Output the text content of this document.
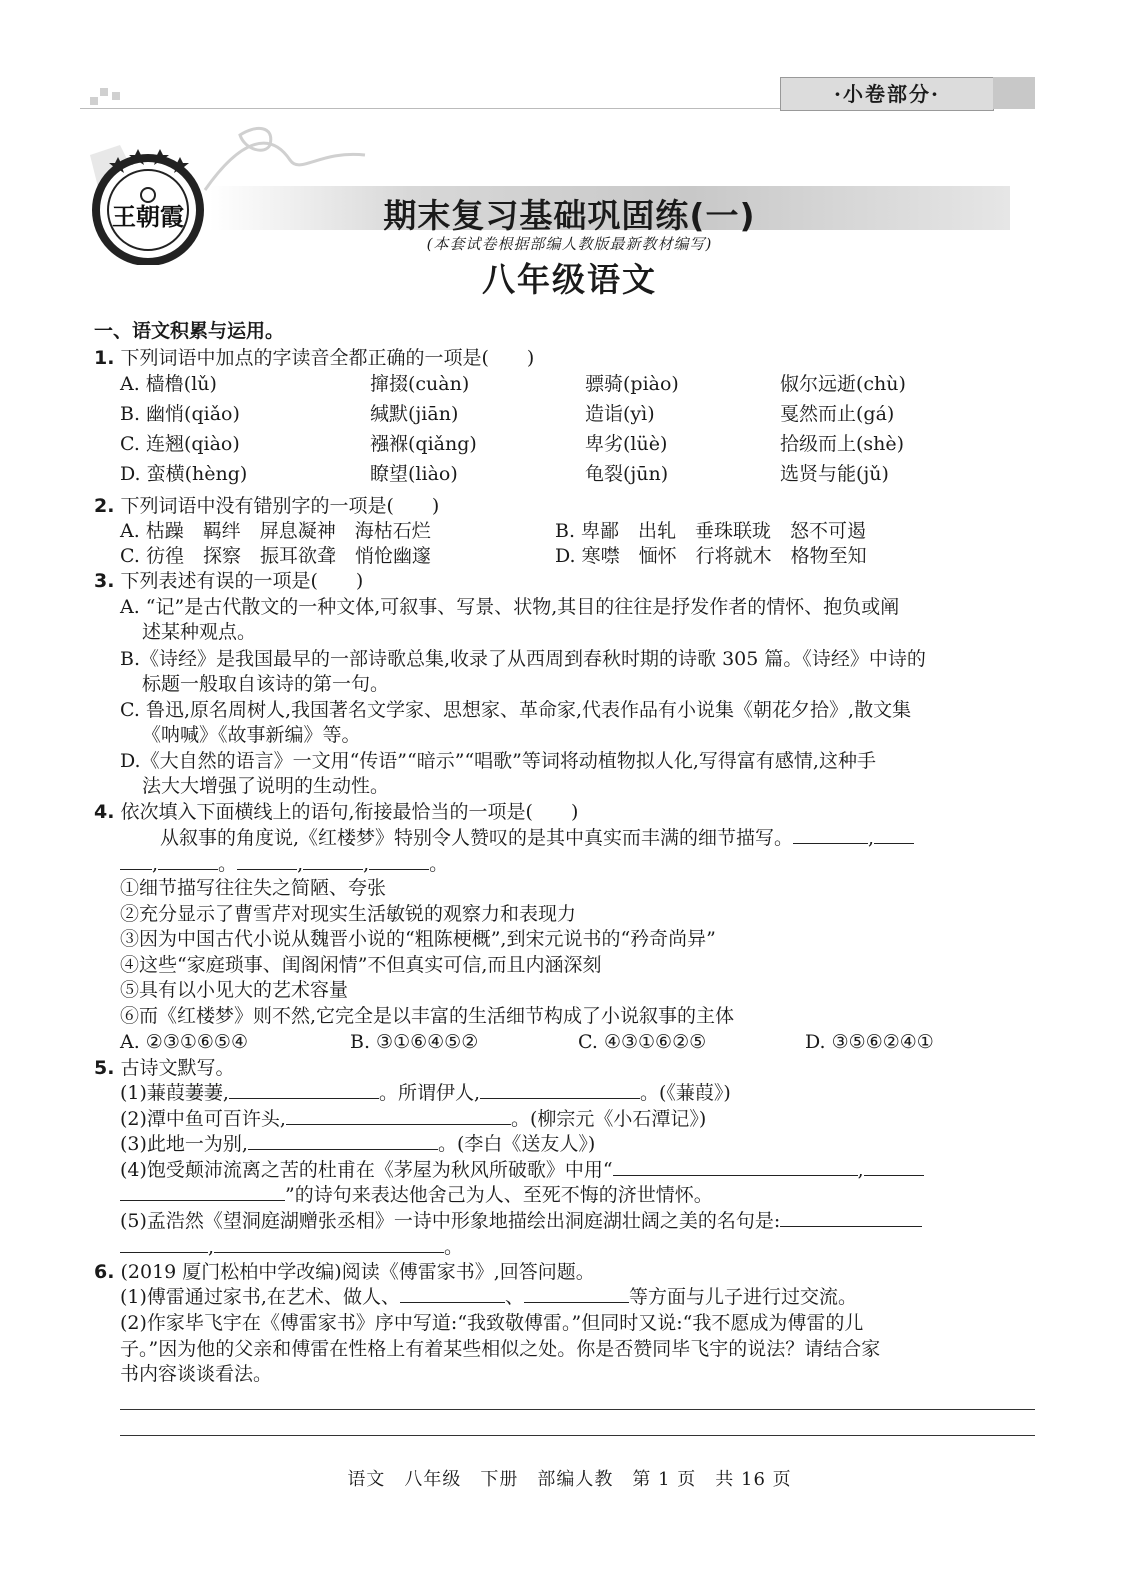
·小卷部分·
王朝霞	期末复习基础巩固练(一)
(本套试卷根据部编人教版最新教材编写)
八年级语文
一、语文积累与运用。
1. 下列词语中加点的字读音全都正确的一项是(　　)
A. 樯橹(lǔ)	撺掇(cuàn)	骠骑(piào)	俶尔远逝(chù)
B. 幽悄(qiǎo)	缄默(jiān)	造诣(yì)	戛然而止(gá)
C. 连翘(qiào)	襁褓(qiǎng)	卑劣(lüè)	拾级而上(shè)
D. 蛮横(hèng)	瞭望(liào)	龟裂(jūn)	选贤与能(jǔ)
2. 下列词语中没有错别字的一项是(　　)
A. 枯躁　羁绊　屏息凝神　海枯石烂	B. 卑鄙　出轧　垂珠联珑　怒不可遏
C. 彷徨　探察　振耳欲聋　悄怆幽邃	D. 寒噤　愐怀　行将就木　格物至知
3. 下列表述有误的一项是(　　)
A. “记”是古代散文的一种文体,可叙事、写景、状物,其目的往往是抒发作者的情怀、抱负或阐
述某种观点。
B.《诗经》是我国最早的一部诗歌总集,收录了从西周到春秋时期的诗歌 305 篇。《诗经》中诗的
标题一般取自该诗的第一句。
C. 鲁迅,原名周树人,我国著名文学家、思想家、革命家,代表作品有小说集《朝花夕拾》,散文集
《呐喊》《故事新编》等。
D.《大自然的语言》一文用“传语”“暗示”“唱歌”等词将动植物拟人化,写得富有感情,这种手
法大大增强了说明的生动性。
4. 依次填入下面横线上的语句,衔接最恰当的一项是(　　)
从叙事的角度说,《红楼梦》特别令人赞叹的是其中真实而丰满的细节描写。	,
,	。	,	,	。
①细节描写往往失之简陋、夸张
②充分显示了曹雪芹对现实生活敏锐的观察力和表现力
③因为中国古代小说从魏晋小说的“粗陈梗概”,到宋元说书的“矜奇尚异”
④这些“家庭琐事、闺阁闲情”不但真实可信,而且内涵深刻
⑤具有以小见大的艺术容量
⑥而《红楼梦》则不然,它完全是以丰富的生活细节构成了小说叙事的主体
A. ②③①⑥⑤④	B. ③①⑥④⑤②	C. ④③①⑥②⑤	D. ③⑤⑥②④①
5. 古诗文默写。
(1)蒹葭萋萋,	。所谓伊人,	。(《蒹葭》)
(2)潭中鱼可百许头,	。(柳宗元《小石潭记》)
(3)此地一为别,	。(李白《送友人》)
(4)饱受颠沛流离之苦的杜甫在《茅屋为秋风所破歌》中用“	,
”的诗句来表达他舍己为人、至死不悔的济世情怀。
(5)孟浩然《望洞庭湖赠张丞相》一诗中形象地描绘出洞庭湖壮阔之美的名句是:
,	。
6. (2019 厦门松柏中学改编)阅读《傅雷家书》,回答问题。
(1)傅雷通过家书,在艺术、做人、	、	等方面与儿子进行过交流。
(2)作家毕飞宇在《傅雷家书》序中写道:“我致敬傅雷。”但同时又说:“我不愿成为傅雷的儿
子。”因为他的父亲和傅雷在性格上有着某些相似之处。你是否赞同毕飞宇的说法？请结合家
书内容谈谈看法。
语文　八年级　下册　部编人教　第 1 页　共 16 页
